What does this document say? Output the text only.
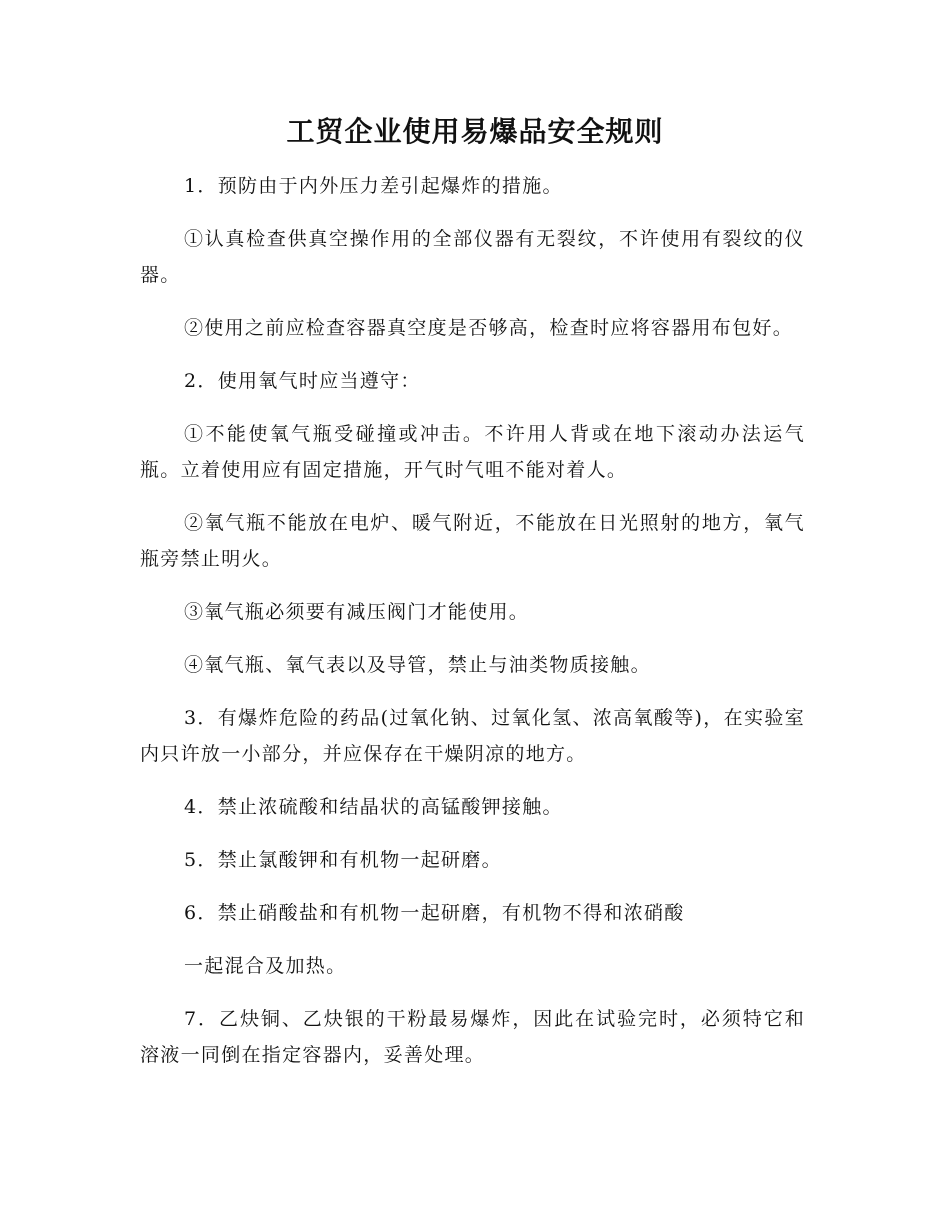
工贸企业使用易爆品安全规则

1．预防由于内外压力差引起爆炸的措施。

①认真检查供真空操作用的全部仪器有无裂纹，不许使用有裂纹的仪器。

②使用之前应检查容器真空度是否够高，检查时应将容器用布包好。

2．使用氧气时应当遵守：

①不能使氧气瓶受碰撞或冲击。不许用人背或在地下滚动办法运气瓶。立着使用应有固定措施，开气时气咀不能对着人。

②氧气瓶不能放在电炉、暖气附近，不能放在日光照射的地方，氧气瓶旁禁止明火。

③氧气瓶必须要有减压阀门才能使用。

④氧气瓶、氧气表以及导管，禁止与油类物质接触。

3．有爆炸危险的药品(过氧化钠、过氧化氢、浓高氧酸等)，在实验室内只许放一小部分，并应保存在干燥阴凉的地方。

4．禁止浓硫酸和结晶状的高锰酸钾接触。

5．禁止氯酸钾和有机物一起研磨。

6．禁止硝酸盐和有机物一起研磨，有机物不得和浓硝酸

一起混合及加热。

7．乙炔铜、乙炔银的干粉最易爆炸，因此在试验完时，必须特它和溶液一同倒在指定容器内，妥善处理。
